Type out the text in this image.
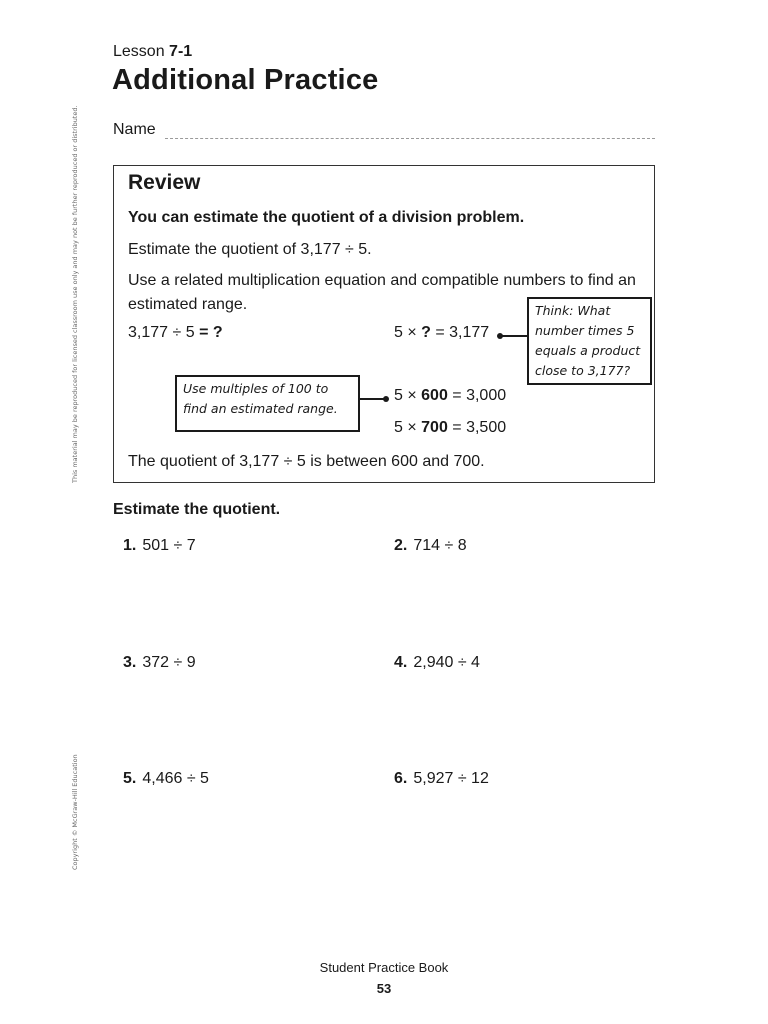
Lesson 7-1
Additional Practice
Name
This material may be reproduced for licensed classroom use only and may not be further reproduced or distributed.
Copyright © McGraw-Hill Education
Review
You can estimate the quotient of a division problem.
Estimate the quotient of 3,177 ÷ 5.
Use a related multiplication equation and compatible numbers to find an estimated range.
3,177 ÷ 5 = ?	5 × ? = 3,177
Think: What number times 5 equals a product close to 3,177?
Use multiples of 100 to find an estimated range.
5 × 600 = 3,000
5 × 700 = 3,500
The quotient of 3,177 ÷ 5 is between 600 and 700.
Estimate the quotient.
1. 501 ÷ 7	2. 714 ÷ 8
3. 372 ÷ 9	4. 2,940 ÷ 4
5. 4,466 ÷ 5	6. 5,927 ÷ 12
Student Practice Book
53
